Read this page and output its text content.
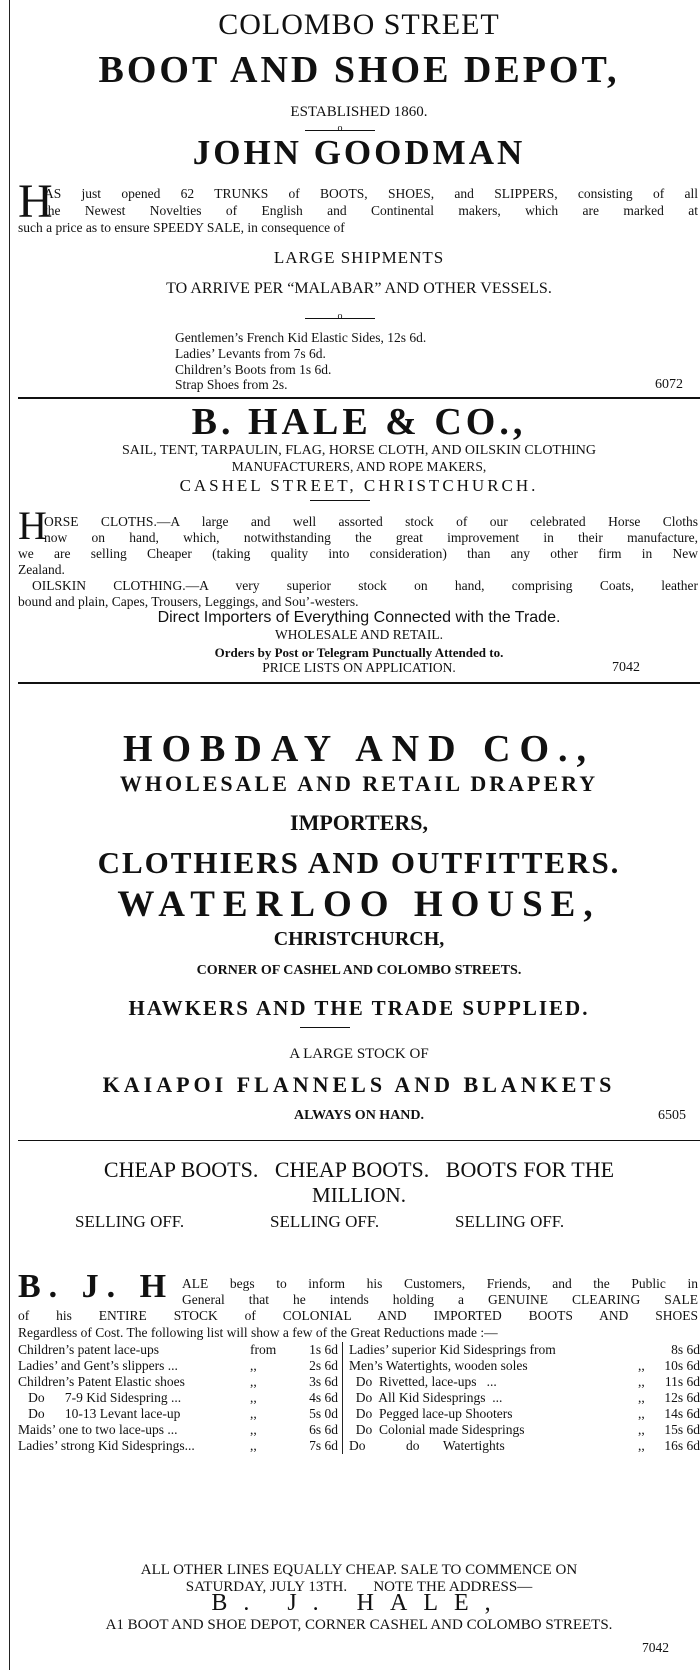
COLOMBO STREET
BOOT AND SHOE DEPOT,
ESTABLISHED 1860.
o
JOHN GOODMAN
H
AS just opened 62 TRUNKS of BOOTS, SHOES, and SLIPPERS, consisting of all
the Newest Novelties of English and Continental makers, which are marked at
such a price as to ensure SPEEDY SALE, in consequence of
LARGE SHIPMENTS
TO ARRIVE PER “MALABAR” AND OTHER VESSELS.
o
Gentlemen’s French Kid Elastic Sides, 12s 6d.
Ladies’ Levants from 7s 6d.
Children’s Boots from 1s 6d.
Strap Shoes from 2s.	6072
B. HALE & CO.,
SAIL, TENT, TARPAULIN, FLAG, HORSE CLOTH, AND OILSKIN CLOTHING
MANUFACTURERS, AND ROPE MAKERS,
CASHEL STREET, CHRISTCHURCH.
H
ORSE CLOTHS.—A large and well assorted stock of our celebrated Horse Cloths
now on hand, which, notwithstanding the great improvement in their manufacture,
we are selling Cheaper (taking quality into consideration) than any other firm in New
Zealand.
OILSKIN CLOTHING.—A very superior stock on hand, comprising Coats, leather
bound and plain, Capes, Trousers, Leggings, and Sou’-westers.
Direct Importers of Everything Connected with the Trade.
WHOLESALE AND RETAIL.
Orders by Post or Telegram Punctually Attended to.
PRICE LISTS ON APPLICATION.	7042
HOBDAY AND CO.,
WHOLESALE AND RETAIL DRAPERY
IMPORTERS,
CLOTHIERS AND OUTFITTERS.
WATERLOO HOUSE,
CHRISTCHURCH,
CORNER OF CASHEL AND COLOMBO STREETS.
HAWKERS AND THE TRADE SUPPLIED.
A LARGE STOCK OF
KAIAPOI FLANNELS AND BLANKETS
ALWAYS ON HAND.	6505
CHEAP BOOTS.   CHEAP BOOTS.   BOOTS FOR THE
MILLION.
SELLING OFF.	SELLING OFF.	SELLING OFF.
B. J. H ALE begs to inform his Customers, Friends, and the Public in
General that he intends holding a GENUINE CLEARING SALE
of his ENTIRE STOCK of COLONIAL AND IMPORTED BOOTS AND SHOES
Regardless of Cost. The following list will show a few of the Great Reductions made :—
Children’s patent lace-ups	from	1s 6d	Ladies’ superior Kid Sidesprings from		8s 6d
Ladies’ and Gent’s slippers ...	,,	2s 6d	Men’s Watertights, wooden soles	,,	10s 6d
Children’s Patent Elastic shoes	,,	3s 6d	Do  Rivetted, lace-ups   ...	,,	11s 6d
Do      7-9 Kid Sidespring ...	,,	4s 6d	Do  All Kid Sidesprings  ...	,,	12s 6d
Do      10-13 Levant lace-up	,,	5s 0d	Do  Pegged lace-up Shooters	,,	14s 6d
Maids’ one to two lace-ups ...	,,	6s 6d	Do  Colonial made Sidesprings	,,	15s 6d
Ladies’ strong Kid Sidesprings...	,,	7s 6d	Do            do       Watertights	,,	16s 6d
ALL OTHER LINES EQUALLY CHEAP. SALE TO COMMENCE ON
SATURDAY, JULY 13TH.       NOTE THE ADDRESS—
B. J. HALE,
A1 BOOT AND SHOE DEPOT, CORNER CASHEL AND COLOMBO STREETS.
7042
